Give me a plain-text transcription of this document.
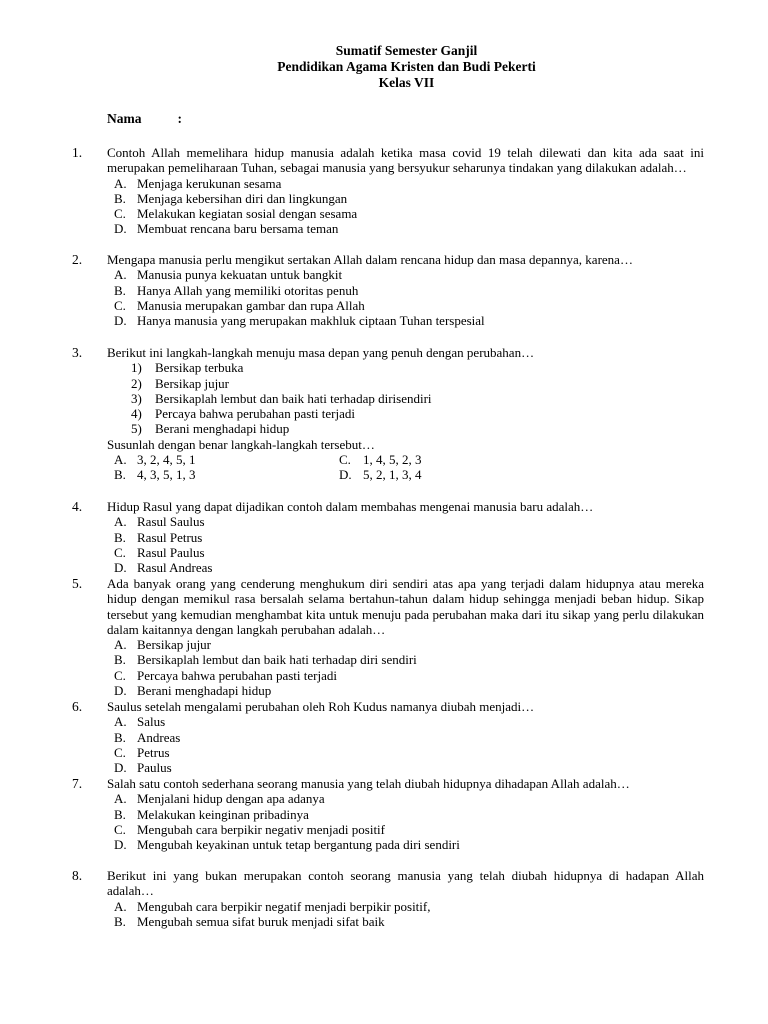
Sumatif Semester Ganjil
Pendidikan Agama Kristen dan Budi Pekerti
Kelas VII
Nama	:
1. Contoh Allah memelihara hidup manusia adalah ketika masa covid 19 telah dilewati dan kita ada saat ini merupakan pemeliharaan Tuhan, sebagai manusia yang bersyukur seharunya tindakan yang dilakukan adalah…
A. Menjaga kerukunan sesama
B. Menjaga kebersihan diri dan lingkungan
C. Melakukan kegiatan sosial dengan sesama
D. Membuat rencana baru bersama teman
2. Mengapa manusia perlu mengikut sertakan Allah dalam rencana hidup dan masa depannya, karena…
A. Manusia punya kekuatan untuk bangkit
B. Hanya Allah yang memiliki otoritas penuh
C. Manusia merupakan gambar dan rupa Allah
D. Hanya manusia yang merupakan makhluk ciptaan Tuhan terspesial
3. Berikut ini langkah-langkah menuju masa depan yang penuh dengan perubahan…
1) Bersikap terbuka
2) Bersikap jujur
3) Bersikaplah lembut dan baik hati terhadap dirisendiri
4) Percaya bahwa perubahan pasti terjadi
5) Berani menghadapi hidup
Susunlah dengan benar langkah-langkah tersebut…
A. 3, 2, 4, 5, 1	C. 1, 4, 5, 2, 3
B. 4, 3, 5, 1, 3	D. 5, 2, 1, 3, 4
4. Hidup Rasul yang dapat dijadikan contoh dalam membahas mengenai manusia baru adalah…
A. Rasul Saulus
B. Rasul Petrus
C. Rasul Paulus
D. Rasul Andreas
5. Ada banyak orang yang cenderung menghukum diri sendiri atas apa yang terjadi dalam hidupnya atau mereka hidup dengan memikul rasa bersalah selama bertahun-tahun dalam hidup sehingga menjadi beban hidup. Sikap tersebut yang kemudian menghambat kita untuk menuju pada perubahan maka dari itu sikap yang perlu dilakukan dalam kaitannya dengan langkah perubahan adalah…
A. Bersikap jujur
B. Bersikaplah lembut dan baik hati terhadap diri sendiri
C. Percaya bahwa perubahan pasti terjadi
D. Berani menghadapi hidup
6. Saulus setelah mengalami perubahan oleh Roh Kudus namanya diubah menjadi…
A. Salus
B. Andreas
C. Petrus
D. Paulus
7. Salah satu contoh sederhana seorang manusia yang telah diubah hidupnya dihadapan Allah adalah…
A. Menjalani hidup dengan apa adanya
B. Melakukan keinginan pribadinya
C. Mengubah cara berpikir negativ menjadi positif
D. Mengubah keyakinan untuk tetap bergantung pada diri sendiri
8. Berikut ini yang bukan merupakan contoh seorang manusia yang telah diubah hidupnya di hadapan Allah adalah…
A. Mengubah cara berpikir negatif menjadi berpikir positif,
B. Mengubah semua sifat buruk menjadi sifat baik
